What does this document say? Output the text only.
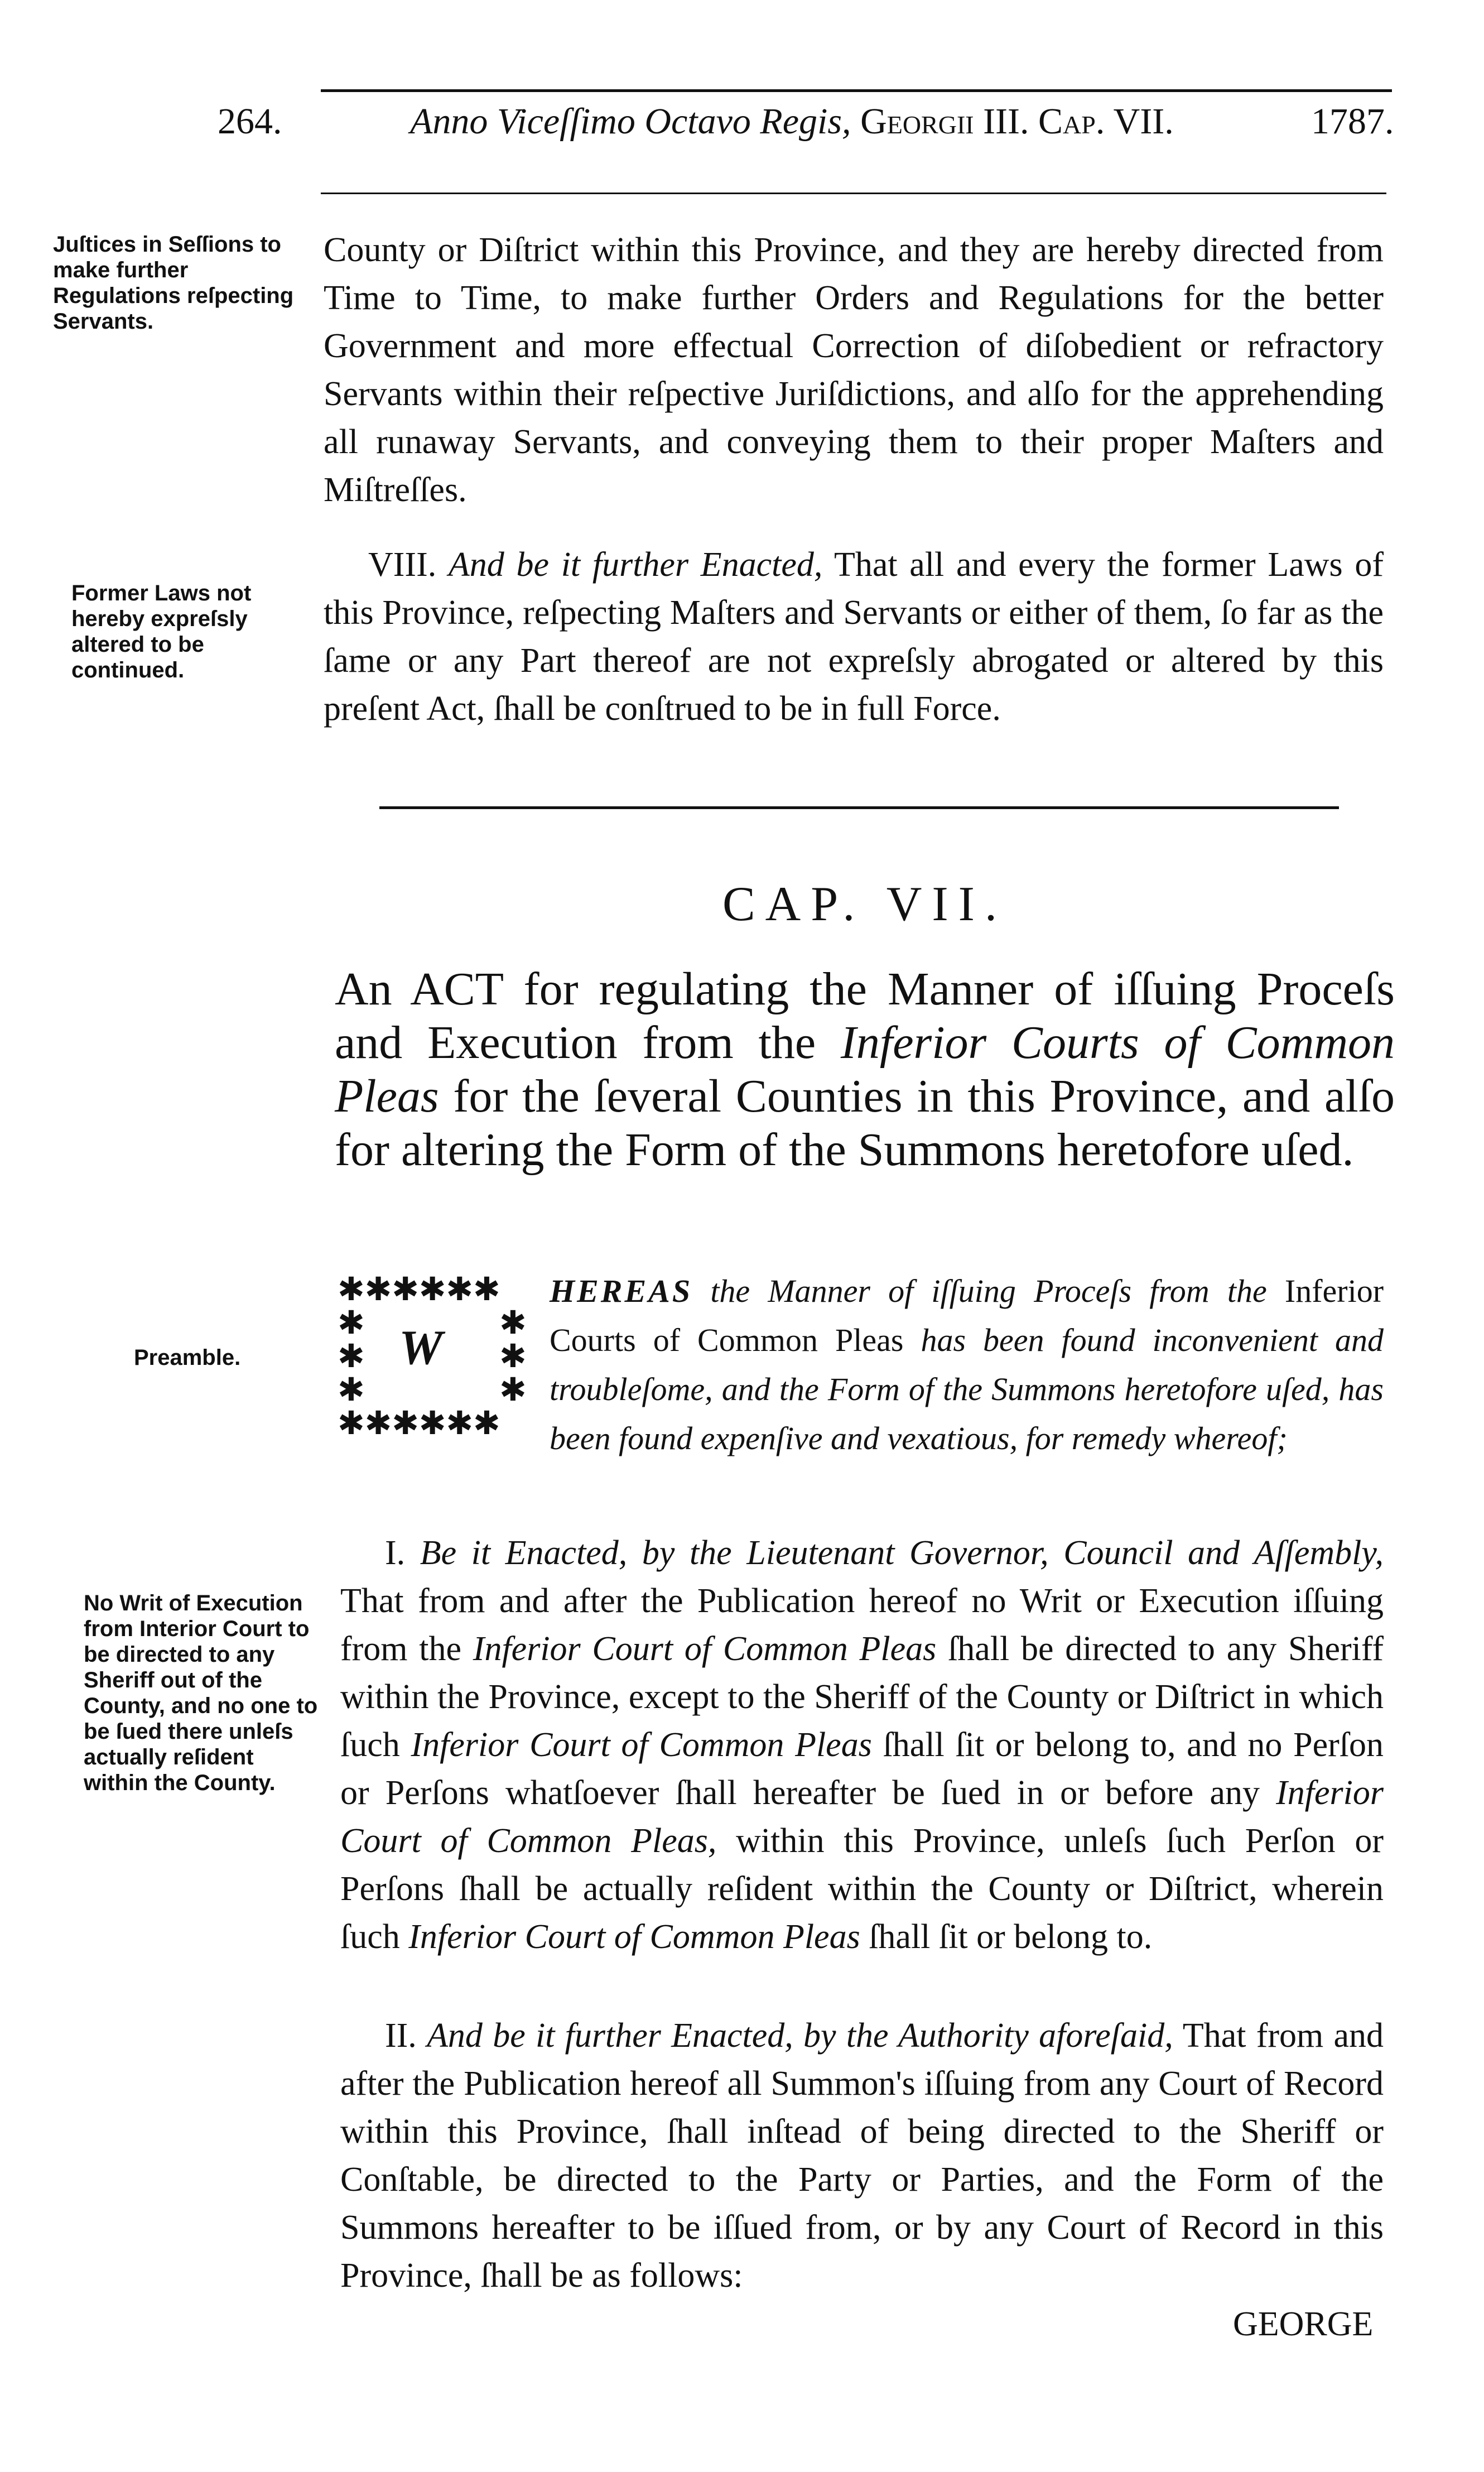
264.	Anno Viceſſimo Octavo Regis, Georgii III. Cap. VII.	1787.
Juſtices in Seſſions to make further Regulations reſpecting Servants.
Former Laws not hereby expreſsly altered to be continued.
Preamble.
No Writ of Execution from Interior Court to be directed to any Sheriff out of the County, and no one to be ſued there unleſs actually reſident within the County.

County or Diſtrict within this Province, and they are hereby directed from Time to Time, to make further Orders and Regulations for the better Government and more effectual Correction of diſobedient or refractory Servants within their reſpective Juriſdictions, and alſo for the apprehending all runaway Servants, and conveying them to their proper Maſters and Miſtreſſes.

VIII. And be it further Enacted, That all and every the former Laws of this Province, reſpecting Maſters and Servants or either of them, ſo far as the ſame or any Part thereof are not expreſsly abrogated or altered by this preſent Act, ſhall be conſtrued to be in full Force.

CAP. VII.
An ACT for regulating the Manner of iſſuing Proceſs and Execution from the Inferior Courts of Common Pleas for the ſeveral Counties in this Province, and alſo for altering the Form of the Summons heretofore uſed.
✱✱✱✱✱✱
✱
✱
✱
✱
✱
✱
✱✱✱✱✱✱
W
HEREAS the Manner of iſſuing Proceſs from the Inferior Courts of Common Pleas has been found inconvenient and troubleſome, and the Form of the Summons heretofore uſed, has been found expenſive and vexatious, for remedy whereof;

I. Be it Enacted, by the Lieutenant Governor, Council and Aſſembly, That from and after the Publication hereof no Writ or Execution iſſuing from the Inferior Court of Common Pleas ſhall be directed to any Sheriff within the Province, except to the Sheriff of the County or Diſtrict in which ſuch Inferior Court of Common Pleas ſhall ſit or belong to, and no Perſon or Perſons whatſoever ſhall hereafter be ſued in or before any Inferior Court of Common Pleas, within this Province, unleſs ſuch Perſon or Perſons ſhall be actually reſident within the County or Diſtrict, wherein ſuch Inferior Court of Common Pleas ſhall ſit or belong to.

II. And be it further Enacted, by the Authority aforeſaid, That from and after the Publication hereof all Summon's iſſuing from any Court of Record within this Province, ſhall inſtead of being directed to the Sheriff or Conſtable, be directed to the Party or Parties, and the Form of the Summons hereafter to be iſſued from, or by any Court of Record in this Province, ſhall be as follows:

GEORGE
